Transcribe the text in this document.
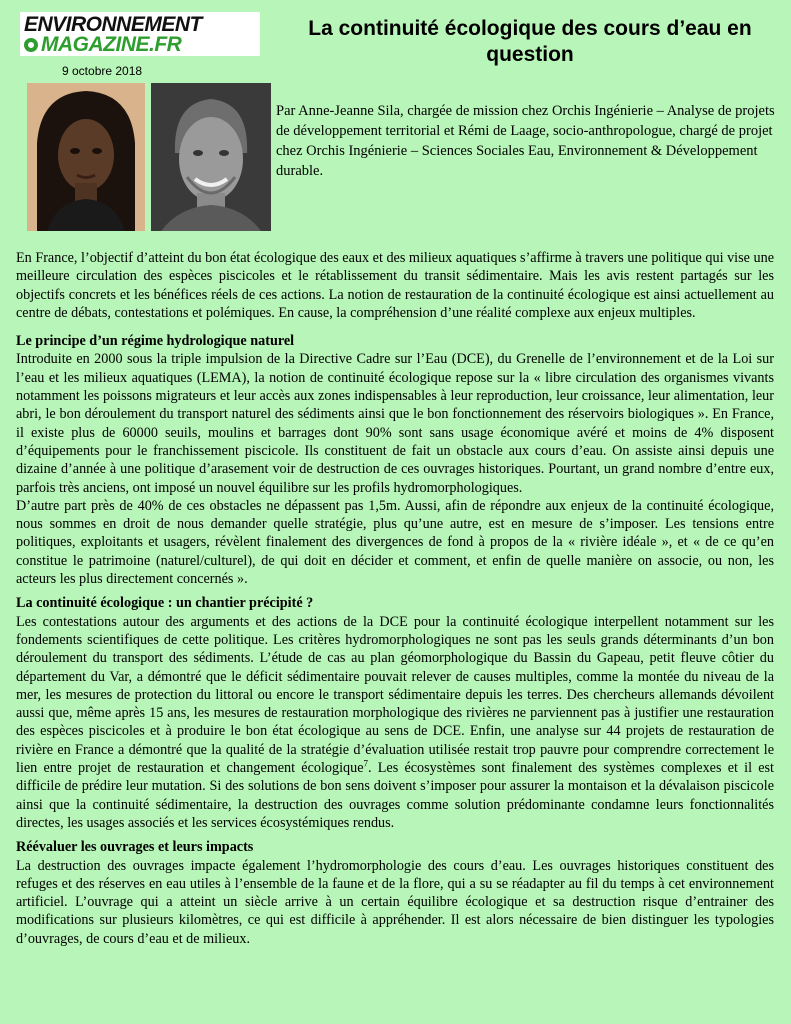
ENVIRONNEMENT
MAGAZINE.FR
9 octobre 2018
La continuité écologique des cours d’eau en question

Par Anne-Jeanne Sila, chargée de mission chez Orchis Ingénierie – Analyse de projets de développement territorial et Rémi de Laage, socio-anthropologue, chargé de projet chez Orchis Ingénierie – Sciences Sociales Eau, Environnement & Développement durable.

En France, l’objectif d’atteint du bon état écologique des eaux et des milieux aquatiques s’affirme à travers une politique qui vise une meilleure circulation des espèces piscicoles et le rétablissement du transit sédimentaire. Mais les avis restent partagés sur les objectifs concrets et les bénéfices réels de ces actions. La notion de restauration de la continuité écologique est ainsi actuellement au centre de débats, contestations et polémiques. En cause, la compréhension d’une réalité complexe aux enjeux multiples.

Le principe d’un régime hydrologique naturel

Introduite en 2000 sous la triple impulsion de la Directive Cadre sur l’Eau (DCE), du Grenelle de l’environnement et de la Loi sur l’eau et les milieux aquatiques (LEMA), la notion de continuité écologique repose sur la « libre circulation des organismes vivants notamment les poissons migrateurs et leur accès aux zones indispensables à leur reproduction, leur croissance, leur alimentation, leur abri, le bon déroulement du transport naturel des sédiments ainsi que le bon fonctionnement des réservoirs biologiques ». En France, il existe plus de 60000 seuils, moulins et barrages dont 90% sont sans usage économique avéré et moins de 4% disposent d’équipements pour le franchissement piscicole. Ils constituent de fait un obstacle aux cours d’eau. On assiste ainsi depuis une dizaine d’année à une politique d’arasement voir de destruction de ces ouvrages historiques. Pourtant, un grand nombre d’entre eux, parfois très anciens, ont imposé un nouvel équilibre sur les profils hydromorphologiques.

D’autre part près de 40% de ces obstacles ne dépassent pas 1,5m. Aussi, afin de répondre aux enjeux de la continuité écologique, nous sommes en droit de nous demander quelle stratégie, plus qu’une autre, est en mesure de s’imposer. Les tensions entre politiques, exploitants et usagers, révèlent finalement des divergences de fond à propos de la « rivière idéale », et « de ce qu’en constitue le patrimoine (naturel/culturel), de qui doit en décider et comment, et enfin de quelle manière on associe, ou non, les acteurs les plus directement concernés ».

La continuité écologique : un chantier précipité ?

Les contestations autour des arguments et des actions de la DCE pour la continuité écologique interpellent notamment sur les fondements scientifiques de cette politique. Les critères hydromorphologiques ne sont pas les seuls grands déterminants d’un bon déroulement du transport des sédiments. L’étude de cas au plan géomorphologique du Bassin du Gapeau, petit fleuve côtier du département du Var, a démontré que le déficit sédimentaire pouvait relever de causes multiples, comme la montée du niveau de la mer, les mesures de protection du littoral ou encore le transport sédimentaire depuis les terres. Des chercheurs allemands dévoilent aussi que, même après 15 ans, les mesures de restauration morphologique des rivières ne parviennent pas à justifier une restauration des espèces piscicoles et à produire le bon état écologique au sens de DCE. Enfin, une analyse sur 44 projets de restauration de rivière en France a démontré que la qualité de la stratégie d’évaluation utilisée restait trop pauvre pour comprendre correctement le lien entre projet de restauration et changement écologique$^7$. Les écosystèmes sont finalement des systèmes complexes et il est difficile de prédire leur mutation. Si des solutions de bon sens doivent s’imposer pour assurer la montaison et la dévalaison piscicole ainsi que la continuité sédimentaire, la destruction des ouvrages comme solution prédominante condamne leurs fonctionnalités directes, les usages associés et les services écosystémiques rendus.

Réévaluer les ouvrages et leurs impacts

La destruction des ouvrages impacte également l’hydromorphologie des cours d’eau. Les ouvrages historiques constituent des refuges et des réserves en eau utiles à l’ensemble de la faune et de la flore, qui a su se réadapter au fil du temps à cet environnement artificiel. L’ouvrage qui a atteint un siècle arrive à un certain équilibre écologique et sa destruction risque d’entrainer des modifications sur plusieurs kilomètres, ce qui est difficile à appréhender. Il est alors nécessaire de bien distinguer les typologies d’ouvrages, de cours d’eau et de milieux.
